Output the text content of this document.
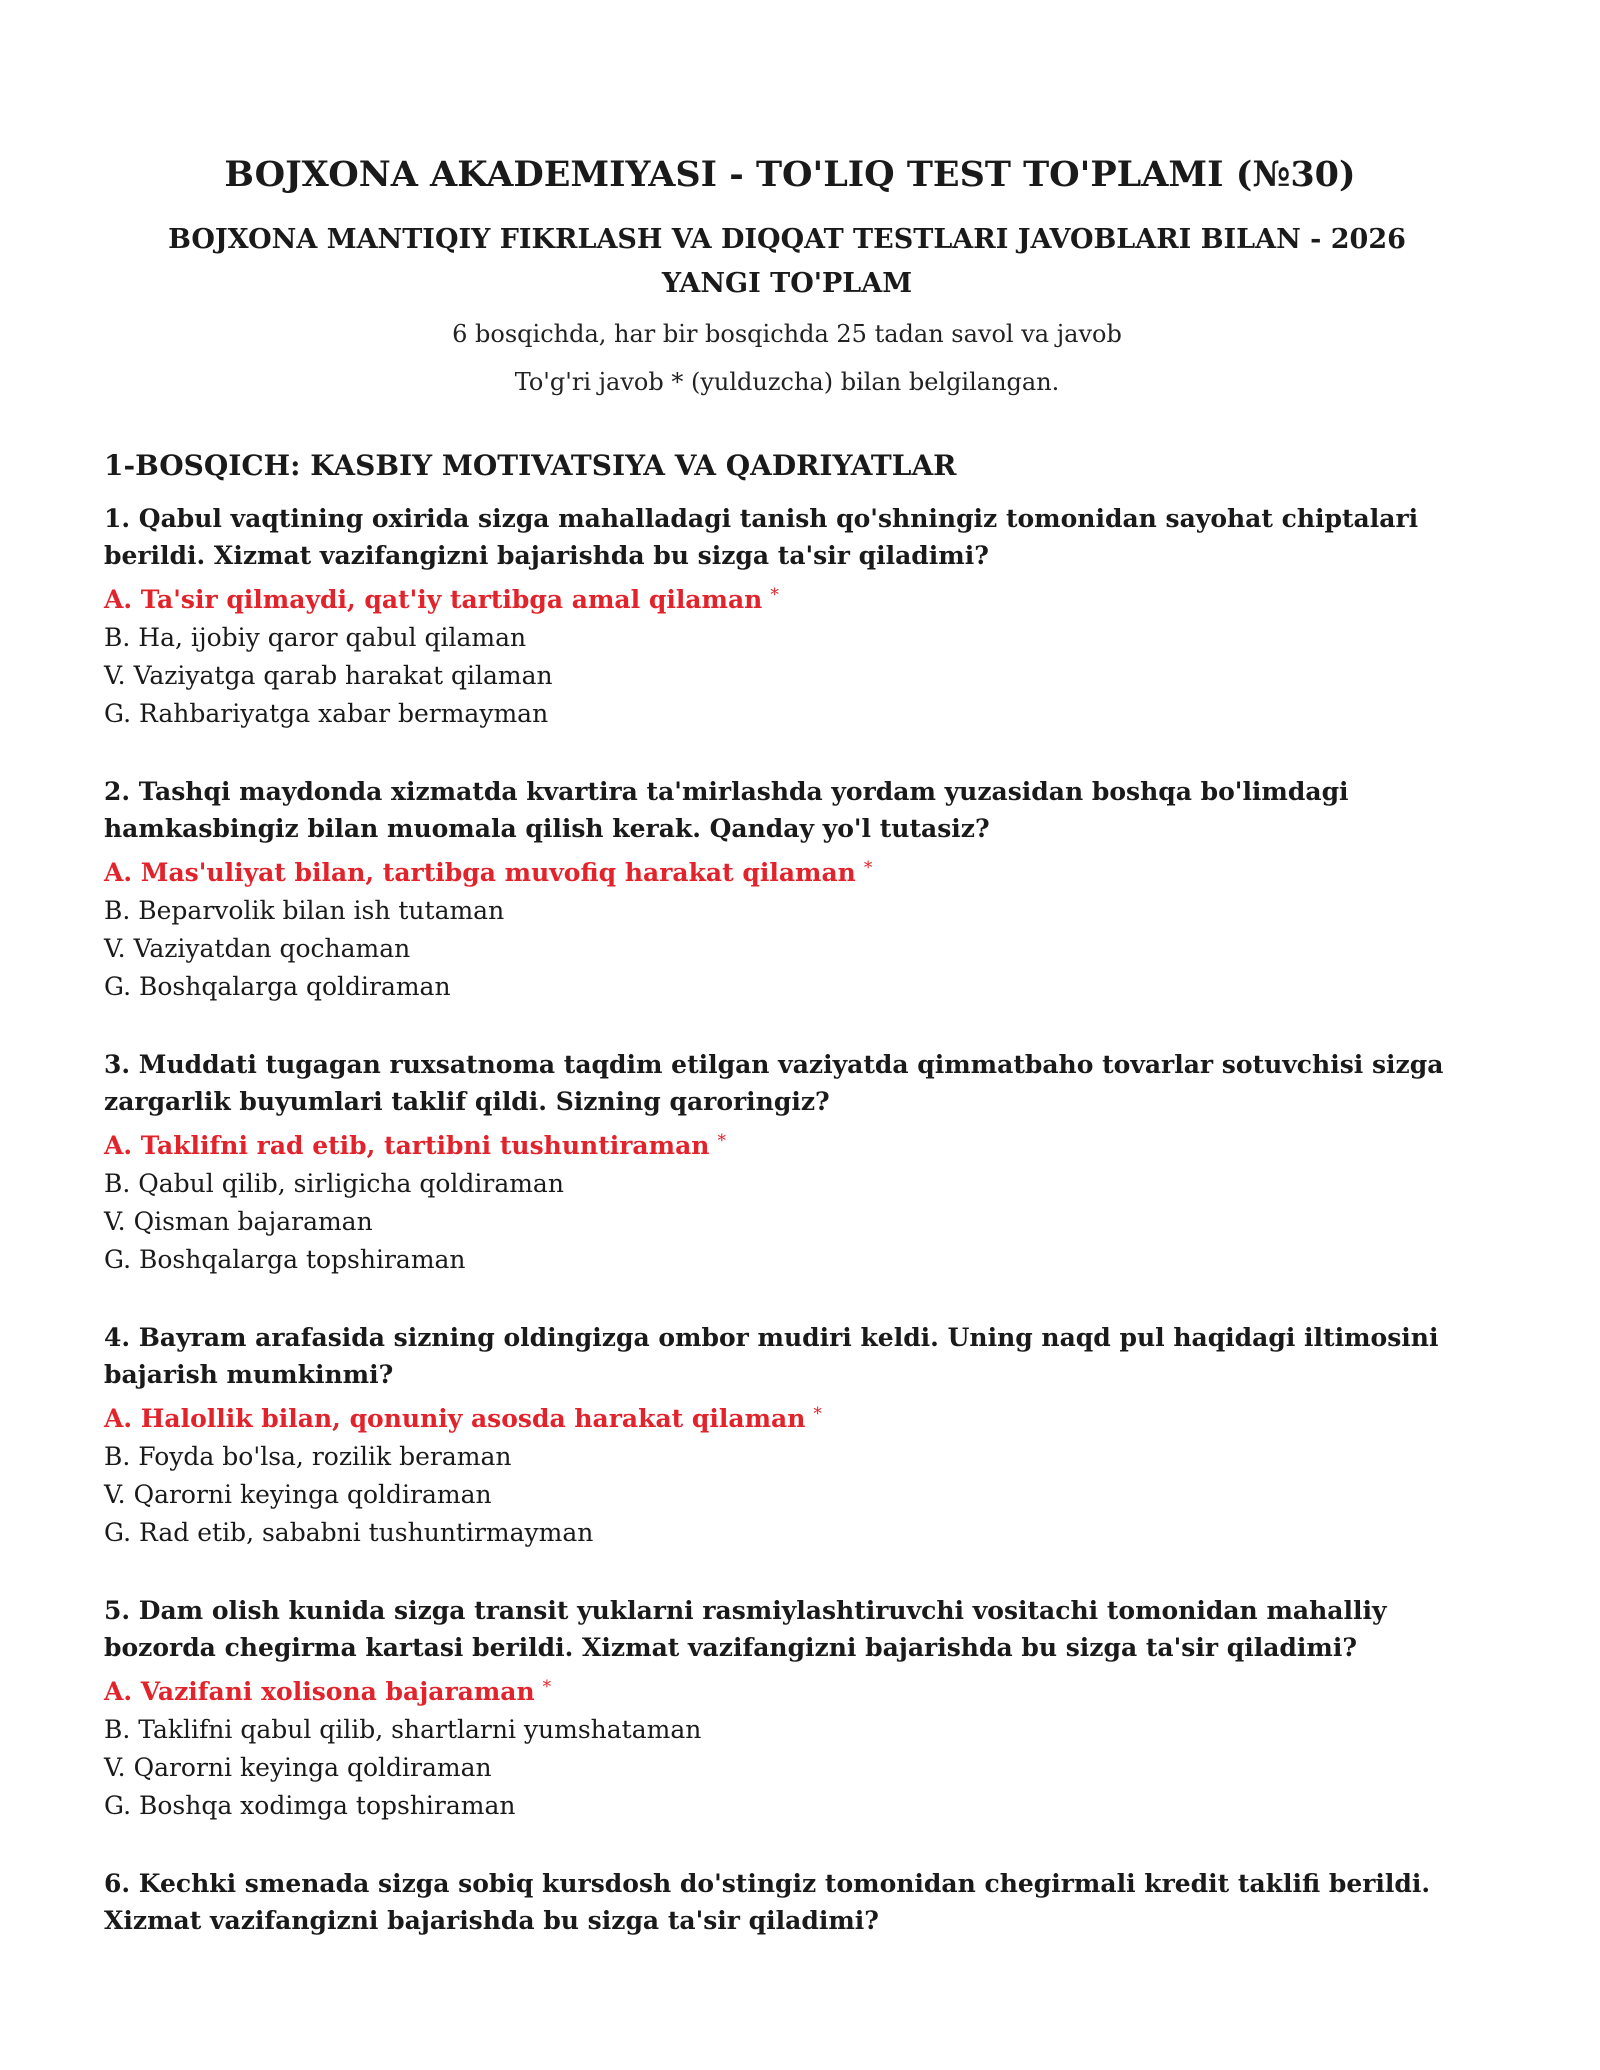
BOJXONA AKADEMIYASI - TO'LIQ TEST TO'PLAMI (№30)
BOJXONA MANTIQIY FIKRLASH VA DIQQAT TESTLARI JAVOBLARI BILAN - 2026 YANGI TO'PLAM
6 bosqichda, har bir bosqichda 25 tadan savol va javob
To'g'ri javob * (yulduzcha) bilan belgilangan.
1-BOSQICH: KASBIY MOTIVATSIYA VA QADRIYATLAR
1. Qabul vaqtining oxirida sizga mahalladagi tanish qo'shningiz tomonidan sayohat chiptalari berildi. Xizmat vazifangizni bajarishda bu sizga ta'sir qiladimi?
A. Ta'sir qilmaydi, qat'iy tartibga amal qilaman *
B. Ha, ijobiy qaror qabul qilaman
V. Vaziyatga qarab harakat qilaman
G. Rahbariyatga xabar bermayman
2. Tashqi maydonda xizmatda kvartira ta'mirlashda yordam yuzasidan boshqa bo'limdagi hamkasbingiz bilan muomala qilish kerak. Qanday yo'l tutasiz?
A. Mas'uliyat bilan, tartibga muvofiq harakat qilaman *
B. Beparvolik bilan ish tutaman
V. Vaziyatdan qochaman
G. Boshqalarga qoldiraman
3. Muddati tugagan ruxsatnoma taqdim etilgan vaziyatda qimmatbaho tovarlar sotuvchisi sizga zargarlik buyumlari taklif qildi. Sizning qaroringiz?
A. Taklifni rad etib, tartibni tushuntiraman *
B. Qabul qilib, sirligicha qoldiraman
V. Qisman bajaraman
G. Boshqalarga topshiraman
4. Bayram arafasida sizning oldingizga ombor mudiri keldi. Uning naqd pul haqidagi iltimosini bajarish mumkinmi?
A. Halollik bilan, qonuniy asosda harakat qilaman *
B. Foyda bo'lsa, rozilik beraman
V. Qarorni keyinga qoldiraman
G. Rad etib, sababni tushuntirmayman
5. Dam olish kunida sizga transit yuklarni rasmiylashtiruvchi vositachi tomonidan mahalliy bozorda chegirma kartasi berildi. Xizmat vazifangizni bajarishda bu sizga ta'sir qiladimi?
A. Vazifani xolisona bajaraman *
B. Taklifni qabul qilib, shartlarni yumshataman
V. Qarorni keyinga qoldiraman
G. Boshqa xodimga topshiraman
6. Kechki smenada sizga sobiq kursdosh do'stingiz tomonidan chegirmali kredit taklifi berildi. Xizmat vazifangizni bajarishda bu sizga ta'sir qiladimi?
